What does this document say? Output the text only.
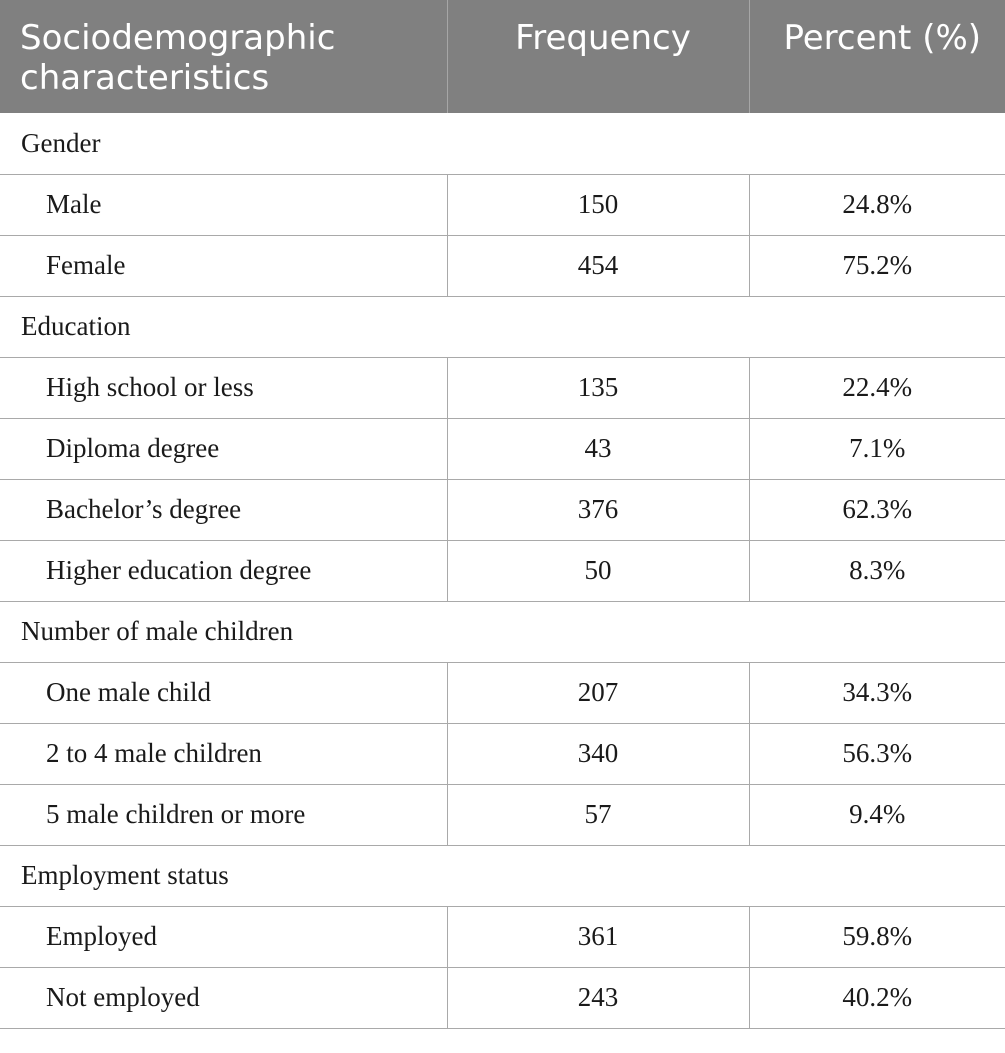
Sociodemographic characteristics	Frequency	Percent (%)
Gender		
Male	150	24.8%
Female	454	75.2%
Education		
High school or less	135	22.4%
Diploma degree	43	7.1%
Bachelor’s degree	376	62.3%
Higher education degree	50	8.3%
Number of male children		
One male child	207	34.3%
2 to 4 male children	340	56.3%
5 male children or more	57	9.4%
Employment status		
Employed	361	59.8%
Not employed	243	40.2%
